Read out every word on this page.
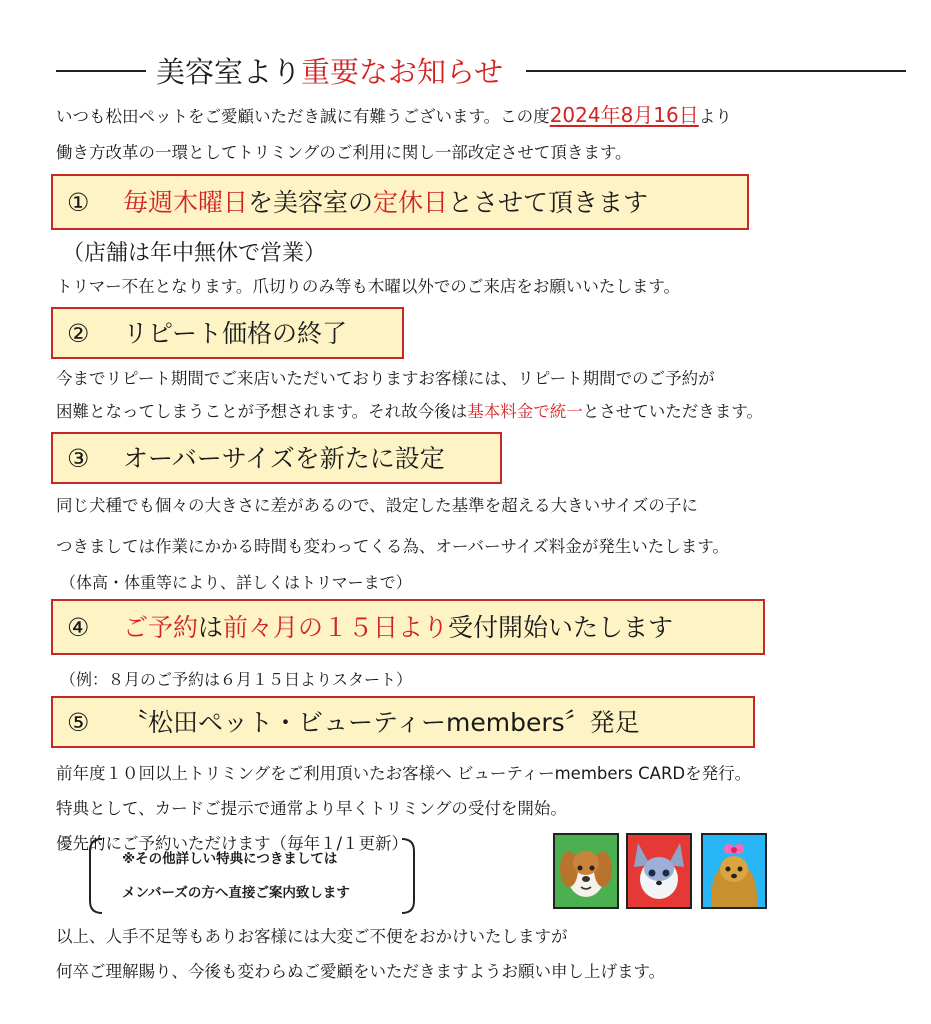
美容室より重要なお知らせ
いつも松田ペットをご愛顧いただき誠に有難うございます。この度2024年8月16日より
働き方改革の一環としてトリミングのご利用に関し一部改定させて頂きます。
①	毎週木曜日を美容室の定休日とさせて頂きます
（店舗は年中無休で営業）
トリマー不在となります。爪切りのみ等も木曜以外でのご来店をお願いいたします。
②	リピート価格の終了
今までリピート期間でご来店いただいておりますお客様には、リピート期間でのご予約が
困難となってしまうことが予想されます。それ故今後は基本料金で統一とさせていただきます。
③	オーバーサイズを新たに設定
同じ犬種でも個々の大きさに差があるので、設定した基準を超える大きいサイズの子に
つきましては作業にかかる時間も変わってくる為、オーバーサイズ料金が発生いたします。
（体高・体重等により、詳しくはトリマーまで）
④	ご予約は前々月の１５日より受付開始いたします
（例：８月のご予約は６月１５日よりスタート）
⑤	〝松田ペット・ビューティーmembers〞発足
前年度１０回以上トリミングをご利用頂いたお客様へ ビューティーmembers CARDを発行。
特典として、カードご提示で通常より早くトリミングの受付を開始。
優先的にご予約いただけます（毎年１/１更新）
※その他詳しい特典につきましては
メンバーズの方へ直接ご案内致します
以上、人手不足等もありお客様には大変ご不便をおかけいたしますが
何卒ご理解賜り、今後も変わらぬご愛顧をいただきますようお願い申し上げます。
